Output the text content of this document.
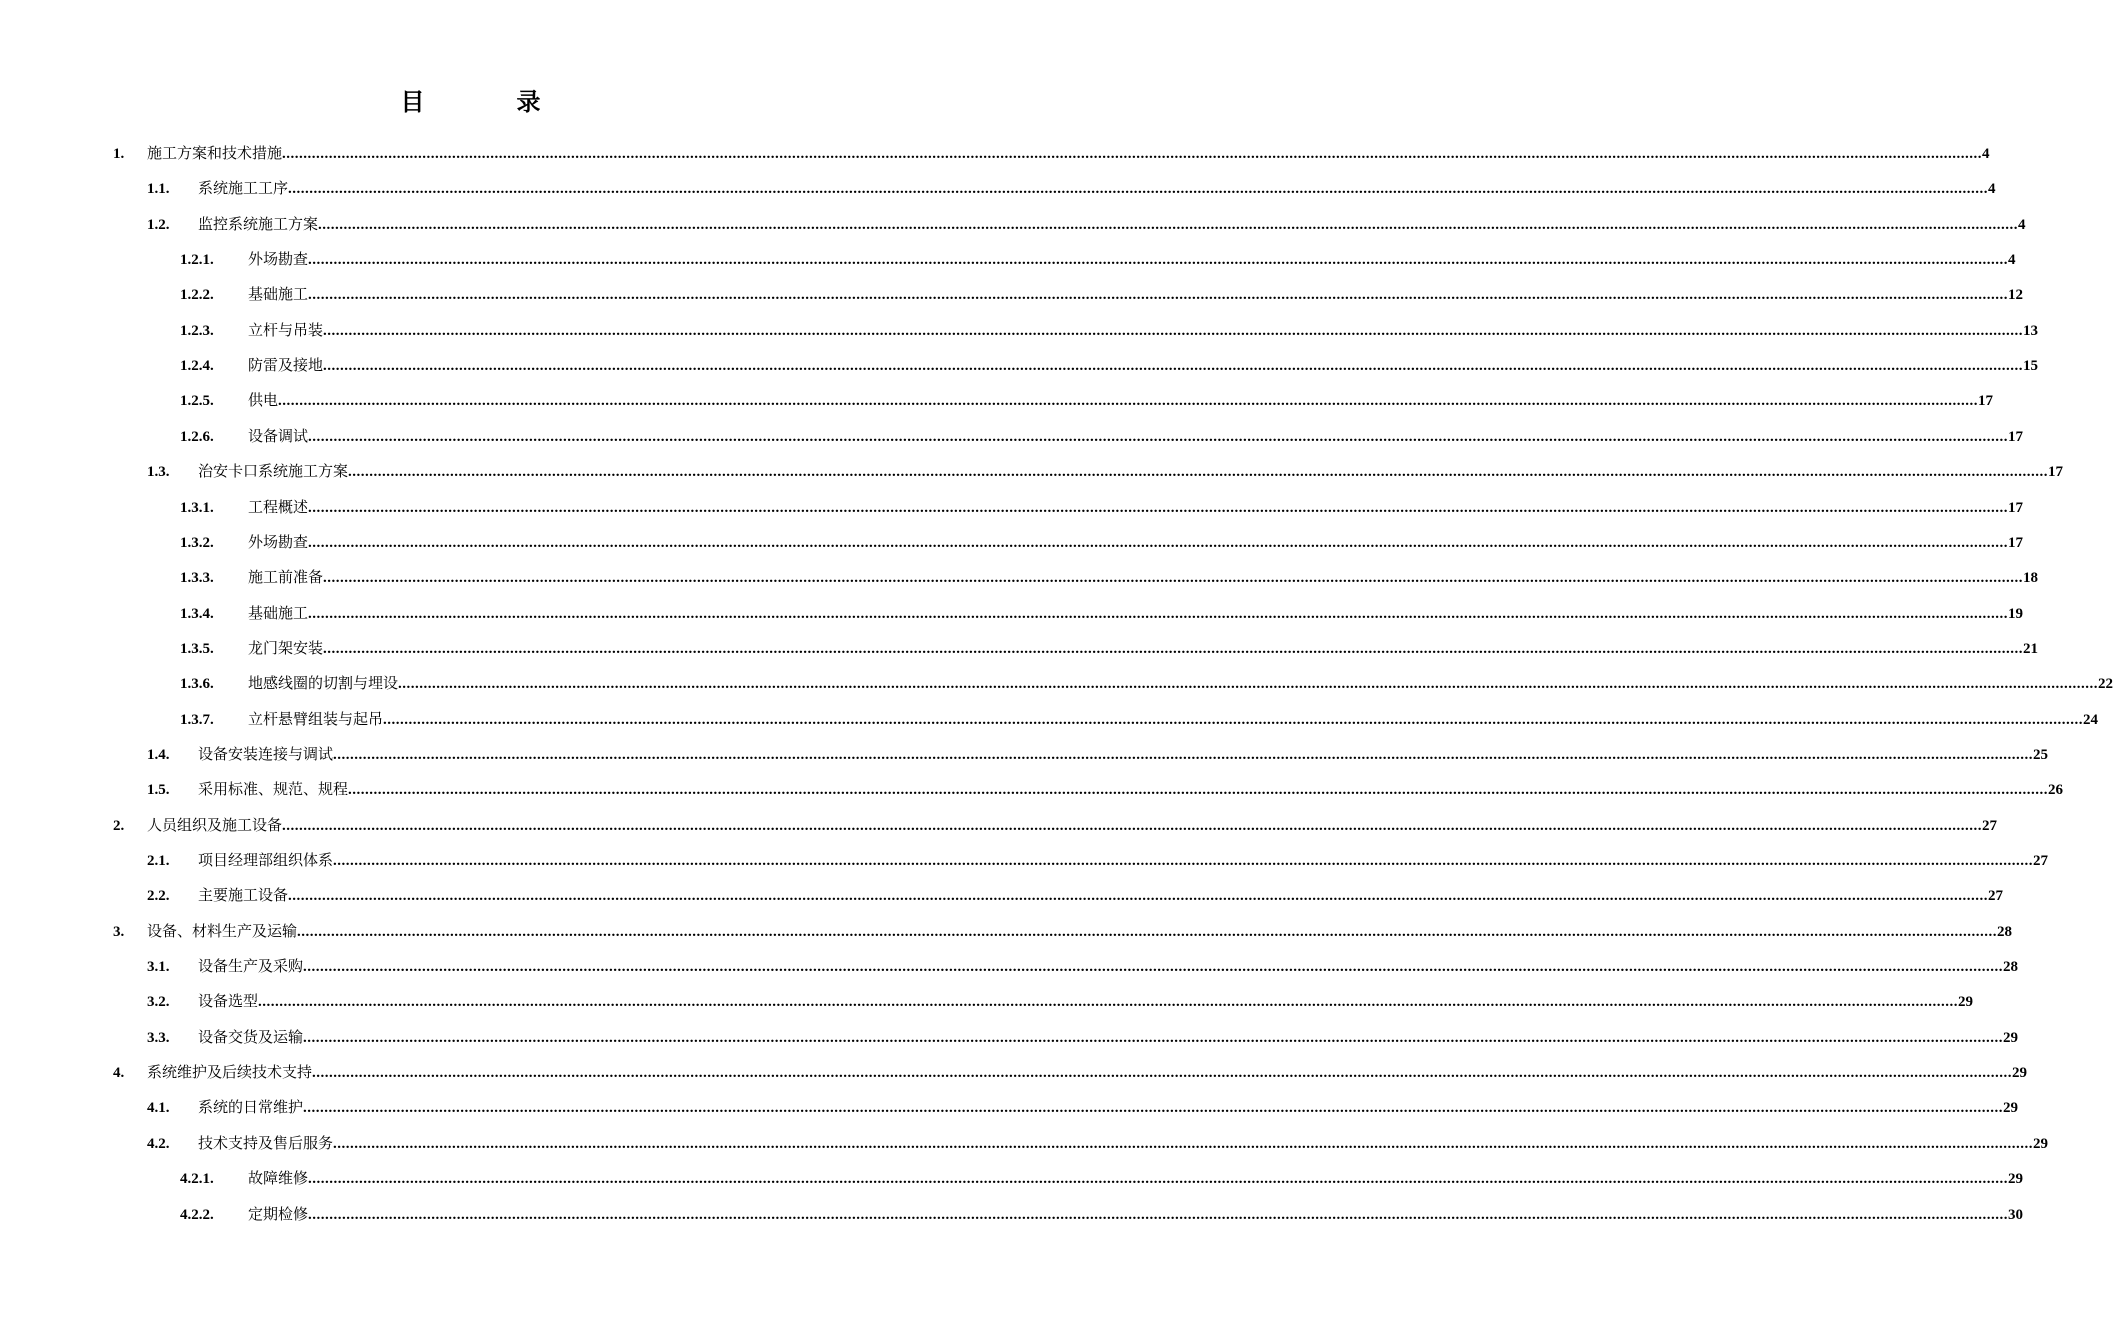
目　录
1.	施工方案和技术措施 ................................................................................................................................................................................................................................................................................................................................................................................................................ 4
1.1.	系统施工工序 ................................................................................................................................................................................................................................................................................................................................................................................................................ 4
1.2.	监控系统施工方案 ................................................................................................................................................................................................................................................................................................................................................................................................................ 4
1.2.1.	外场勘查 ................................................................................................................................................................................................................................................................................................................................................................................................................ 4
1.2.2.	基础施工 ................................................................................................................................................................................................................................................................................................................................................................................................................ 12
1.2.3.	立杆与吊装 ................................................................................................................................................................................................................................................................................................................................................................................................................ 13
1.2.4.	防雷及接地 ................................................................................................................................................................................................................................................................................................................................................................................................................ 15
1.2.5.	供电 ................................................................................................................................................................................................................................................................................................................................................................................................................ 17
1.2.6.	设备调试 ................................................................................................................................................................................................................................................................................................................................................................................................................ 17
1.3.	治安卡口系统施工方案 ................................................................................................................................................................................................................................................................................................................................................................................................................ 17
1.3.1.	工程概述 ................................................................................................................................................................................................................................................................................................................................................................................................................ 17
1.3.2.	外场勘查 ................................................................................................................................................................................................................................................................................................................................................................................................................ 17
1.3.3.	施工前准备 ................................................................................................................................................................................................................................................................................................................................................................................................................ 18
1.3.4.	基础施工 ................................................................................................................................................................................................................................................................................................................................................................................................................ 19
1.3.5.	龙门架安装 ................................................................................................................................................................................................................................................................................................................................................................................................................ 21
1.3.6.	地感线圈的切割与埋设 ................................................................................................................................................................................................................................................................................................................................................................................................................ 22
1.3.7.	立杆悬臂组装与起吊 ................................................................................................................................................................................................................................................................................................................................................................................................................ 24
1.4.	设备安装连接与调试 ................................................................................................................................................................................................................................................................................................................................................................................................................ 25
1.5.	采用标准、规范、规程 ................................................................................................................................................................................................................................................................................................................................................................................................................ 26
2.	人员组织及施工设备 ................................................................................................................................................................................................................................................................................................................................................................................................................ 27
2.1.	项目经理部组织体系 ................................................................................................................................................................................................................................................................................................................................................................................................................ 27
2.2.	主要施工设备 ................................................................................................................................................................................................................................................................................................................................................................................................................ 27
3.	设备、材料生产及运输 ................................................................................................................................................................................................................................................................................................................................................................................................................ 28
3.1.	设备生产及采购 ................................................................................................................................................................................................................................................................................................................................................................................................................ 28
3.2.	设备选型 ................................................................................................................................................................................................................................................................................................................................................................................................................ 29
3.3.	设备交货及运输 ................................................................................................................................................................................................................................................................................................................................................................................................................ 29
4.	系统维护及后续技术支持 ................................................................................................................................................................................................................................................................................................................................................................................................................ 29
4.1.	系统的日常维护 ................................................................................................................................................................................................................................................................................................................................................................................................................ 29
4.2.	技术支持及售后服务 ................................................................................................................................................................................................................................................................................................................................................................................................................ 29
4.2.1.	故障维修 ................................................................................................................................................................................................................................................................................................................................................................................................................ 29
4.2.2.	定期检修 ................................................................................................................................................................................................................................................................................................................................................................................................................ 30
